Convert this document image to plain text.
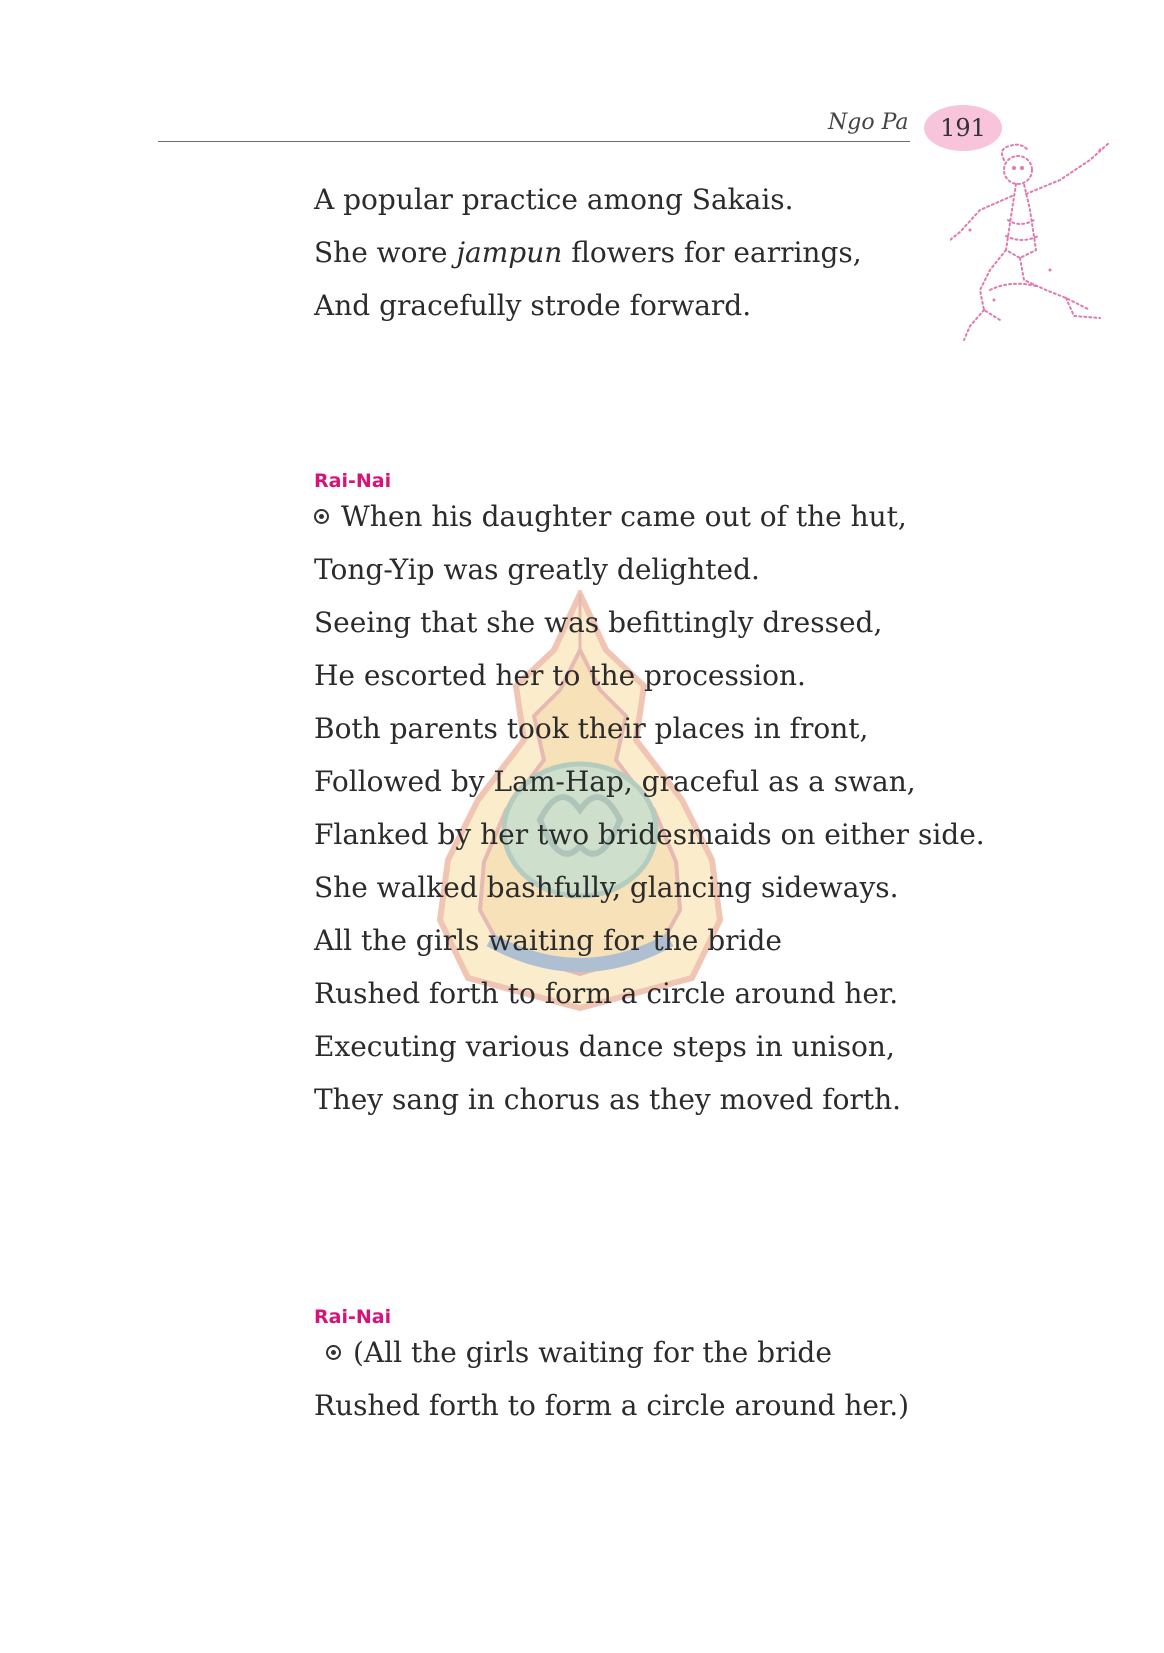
Ngo Pa 191
A popular practice among Sakais.
She wore jampun flowers for earrings,
And gracefully strode forward.
Rai-Nai
When his daughter came out of the hut,
Tong-Yip was greatly delighted.
Seeing that she was befittingly dressed,
He escorted her to the procession.
Both parents took their places in front,
Followed by Lam-Hap, graceful as a swan,
Flanked by her two bridesmaids on either side.
She walked bashfully, glancing sideways.
All the girls waiting for the bride
Rushed forth to form a circle around her.
Executing various dance steps in unison,
They sang in chorus as they moved forth.
Rai-Nai
(All the girls waiting for the bride
Rushed forth to form a circle around her.)
